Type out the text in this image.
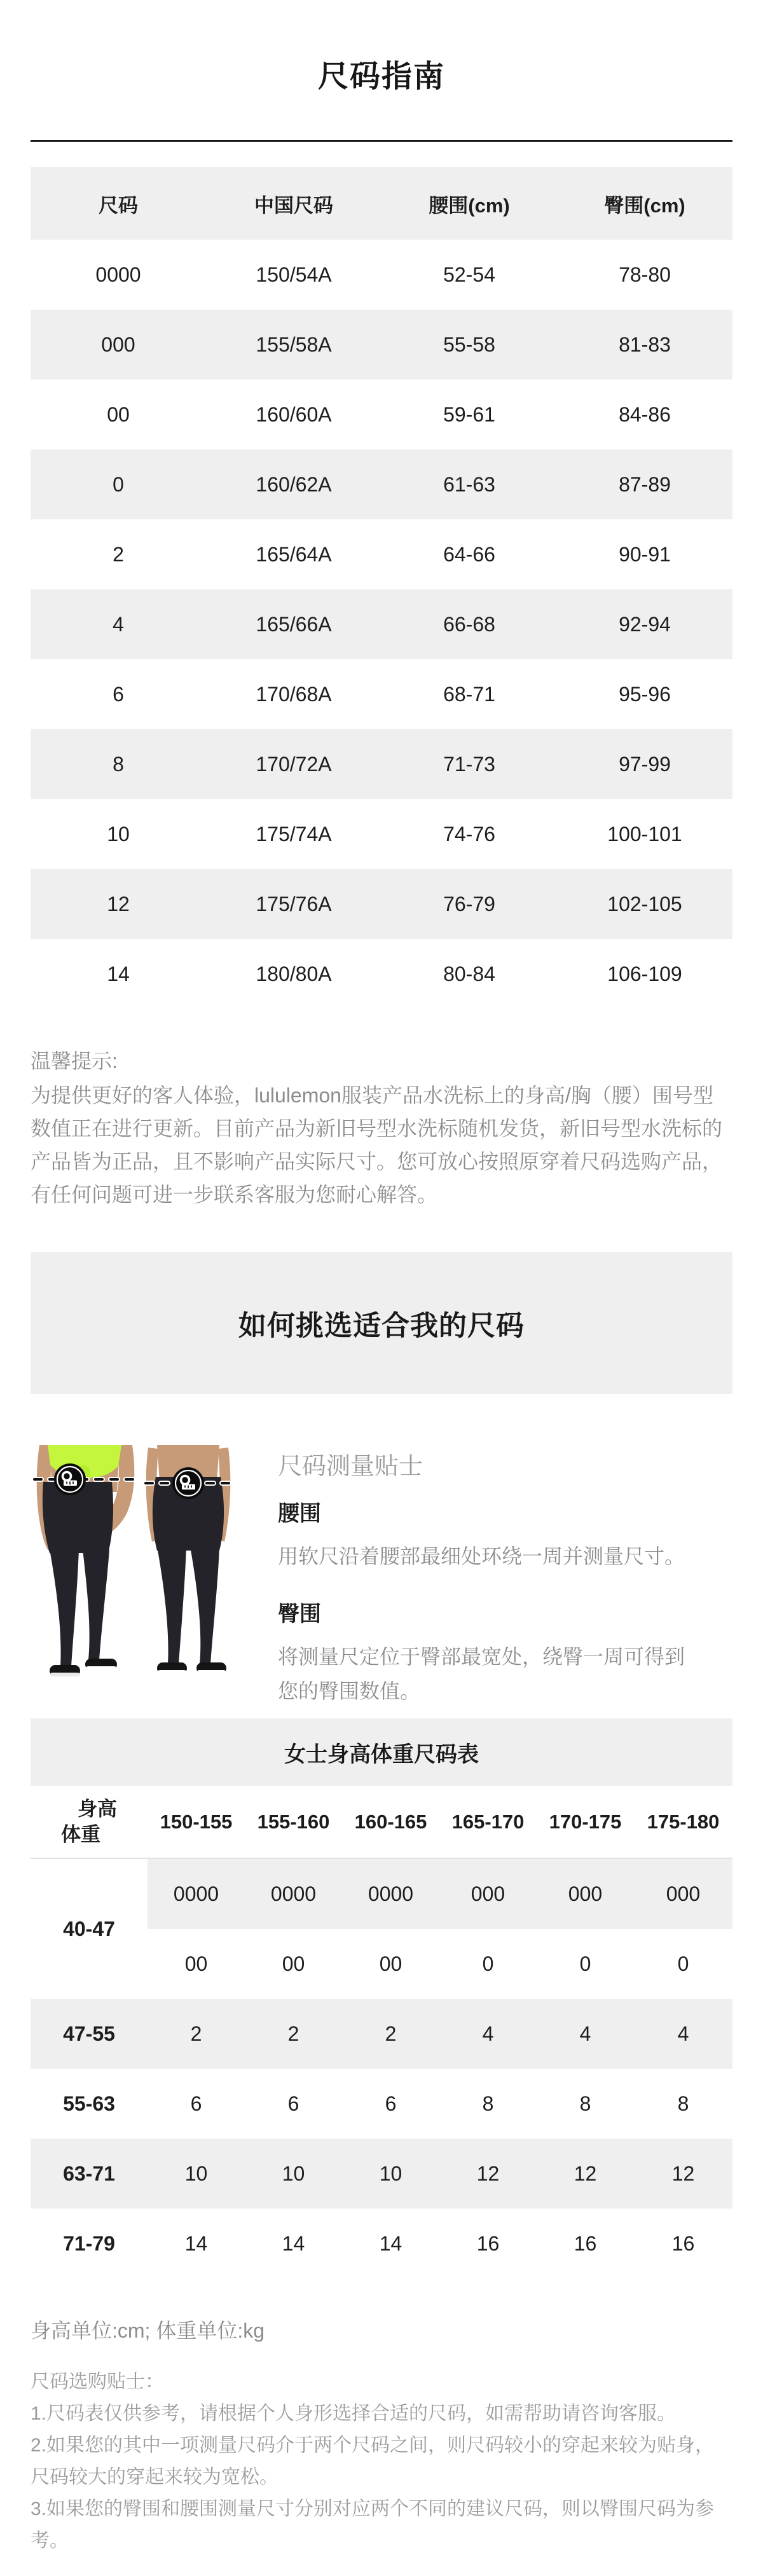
尺码指南
尺码	中国尺码	腰围(cm)	臀围(cm)
0000	150/54A	52-54	78-80
000	155/58A	55-58	81-83
00	160/60A	59-61	84-86
0	160/62A	61-63	87-89
2	165/64A	64-66	90-91
4	165/66A	66-68	92-94
6	170/68A	68-71	95-96
8	170/72A	71-73	97-99
10	175/74A	74-76	100-101
12	175/76A	76-79	102-105
14	180/80A	80-84	106-109

温馨提示:

为提供更好的客人体验，lululemon服装产品水洗标上的身高/胸（腰）围号型数值正在进行更新。目前产品为新旧号型水洗标随机发货，新旧号型水洗标的产品皆为正品，且不影响产品实际尺寸。您可放心按照原穿着尺码选购产品，有任何问题可进一步联系客服为您耐心解答。

如何挑选适合我的尺码
尺码测量贴士

腰围

用软尺沿着腰部最细处环绕一周并测量尺寸。

臀围

将测量尺定位于臀部最宽处，绕臀一周可得到您的臀围数值。

女士身高体重尺码表
身高
体重	150-155	155-160	160-165	165-170	170-175	175-180
40-47	0000	0000	0000	000	000	000
	00	00	00	0	0	0
47-55	2	2	2	4	4	4
55-63	6	6	6	8	8	8
63-71	10	10	10	12	12	12
71-79	14	14	14	16	16	16

身高单位:cm; 体重单位:kg

尺码选购贴士：

1.尺码表仅供参考，请根据个人身形选择合适的尺码，如需帮助请咨询客服。

2.如果您的其中一项测量尺码介于两个尺码之间，则尺码较小的穿起来较为贴身，尺码较大的穿起来较为宽松。

3.如果您的臀围和腰围测量尺寸分别对应两个不同的建议尺码，则以臀围尺码为参考。
